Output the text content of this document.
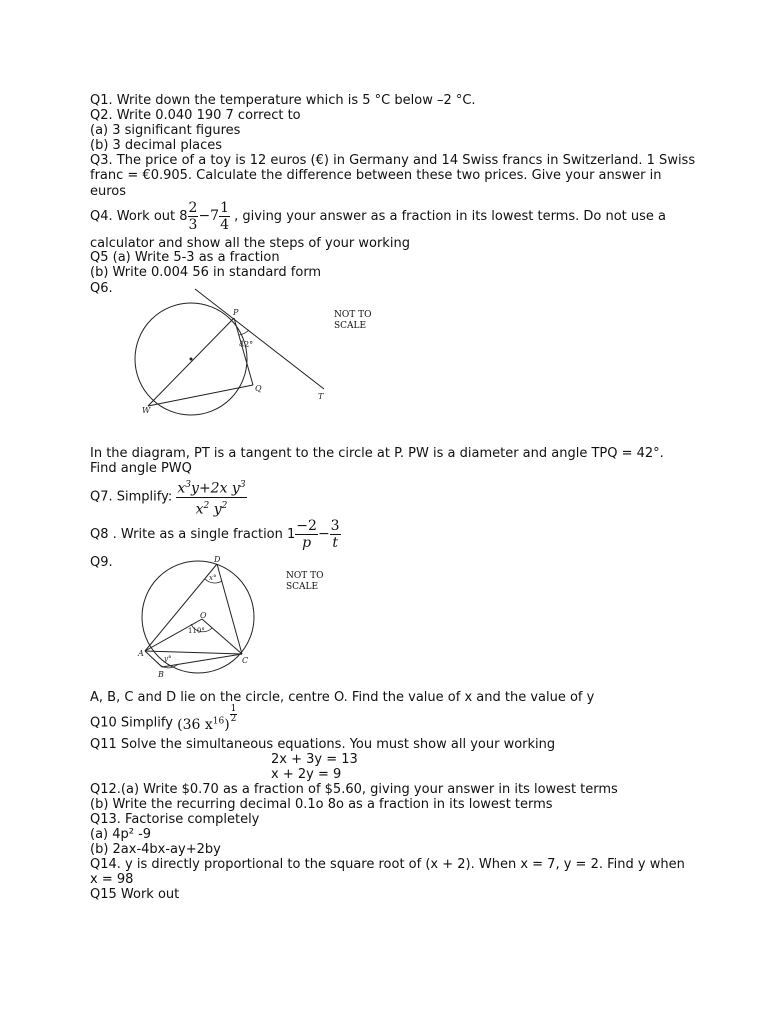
Q1. Write down the temperature which is 5 °C below –2 °C.
Q2. Write 0.040 190 7 correct to
(a) 3 significant figures
(b) 3 decimal places
Q3. The price of a toy is 12 euros (€) in Germany and 14 Swiss francs in Switzerland. 1 Swiss
franc = €0.905. Calculate the difference between these two prices. Give your answer in
euros
Q4. Work out $8 \frac{2}{3} -7 \frac{1}{4}$ , giving your answer as a fraction in its lowest terms. Do not use a
calculator and show all the steps of your working
Q5 (a) Write 5-3 as a fraction
(b) Write 0.004 56 in standard form
Q6.
42°
P
Q
W
T
NOT TO
SCALE
In the diagram, PT is a tangent to the circle at P. PW is a diameter and angle TPQ = 42°.
Find angle PWQ
Q7. Simplify: $\frac{x^3y+2x y^3}{x^2 y^2}$
Q8 . Write as a single fraction $1 \frac{-2}{p} - \frac{3}{t}$
Q9.
x°
110°
y°
D
O
A
B
C
NOT TO
SCALE
A, B, C and D lie on the circle, centre O. Find the value of x and the value of y
Q10 Simplify (36 $x^{16}$)
$\frac{1}{2}$
Q11 Solve the simultaneous equations. You must show all your working
2x + 3y = 13
x + 2y = 9
Q12.(a) Write $0.70 as a fraction of $5.60, giving your answer in its lowest terms
(b) Write the recurring decimal 0.1o 8o as a fraction in its lowest terms
Q13. Factorise completely
(a) 4p² -9
(b) 2ax-4bx-ay+2by
Q14. y is directly proportional to the square root of (x + 2). When x = 7, y = 2. Find y when
x = 98
Q15 Work out
